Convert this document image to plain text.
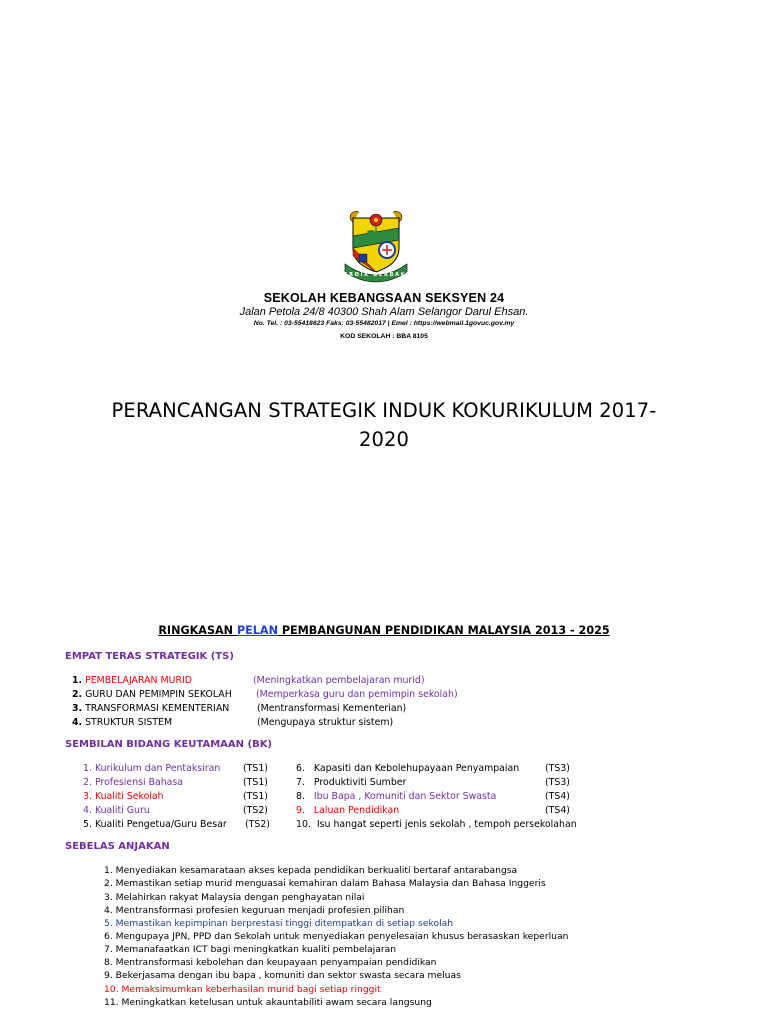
C E R D I K   B E R B A K T I
SEKOLAH KEBANGSAAN SEKSYEN 24
Jalan Petola 24/8 40300 Shah Alam Selangor Darul Ehsan.
No. Tel. : 03-55418623 Faks: 03-55482017 | Emel : https://webmail.1govuc.gov.my
KOD SEKOLAH : BBA 8105
PERANCANGAN STRATEGIK INDUK KOKURIKULUM 2017-
2020
RINGKASAN PELAN PEMBANGUNAN PENDIDIKAN MALAYSIA 2013 - 2025
EMPAT TERAS STRATEGIK (TS)
1. PEMBELAJARAN MURID	(Meningkatkan pembelajaran murid)
2. GURU DAN PEMIMPIN SEKOLAH	(Memperkasa guru dan pemimpin sekolah)
3. TRANSFORMASI KEMENTERIAN	(Mentransformasi Kementerian)
4. STRUKTUR SISTEM	(Mengupaya struktur sistem)
SEMBILAN BIDANG KEUTAMAAN (BK)
1. Kurikulum dan Pentaksiran (TS1)
2. Profesiensi Bahasa	(TS1)
3. Kualiti Sekolah	(TS1)
4. Kualiti Guru	(TS2)
5. Kualiti Pengetua/Guru Besar (TS2)
6. Kapasiti dan Kebolehupayaan Penyampaian	(TS3)
7. Produktiviti Sumber	(TS3)
8. Ibu Bapa , Komuniti dan Sektor Swasta	(TS4)
9. Laluan Pendidikan	(TS4)
10. Isu hangat seperti jenis sekolah , tempoh persekolahan
SEBELAS ANJAKAN
1. Menyediakan kesamarataan akses kepada pendidikan berkualiti bertaraf antarabangsa
2. Memastikan setiap murid menguasai kemahiran dalam Bahasa Malaysia dan Bahasa Inggeris
3. Melahirkan rakyat Malaysia dengan penghayatan nilai
4. Mentransformasi profesien keguruan menjadi profesien pilihan
5. Memastikan kepimpinan berprestasi tinggi ditempatkan di setiap sekolah
6. Mengupaya JPN, PPD dan Sekolah untuk menyediakan penyelesaian khusus berasaskan keperluan
7. Memanafaatkan ICT bagi meningkatkan kualiti pembelajaran
8. Mentransformasi kebolehan dan keupayaan penyampaian pendidikan
9. Bekerjasama dengan ibu bapa , komuniti dan sektor swasta secara meluas
10. Memaksimumkan keberhasilan murid bagi setiap ringgit
11. Meningkatkan ketelusan untuk akauntabiliti awam secara langsung
